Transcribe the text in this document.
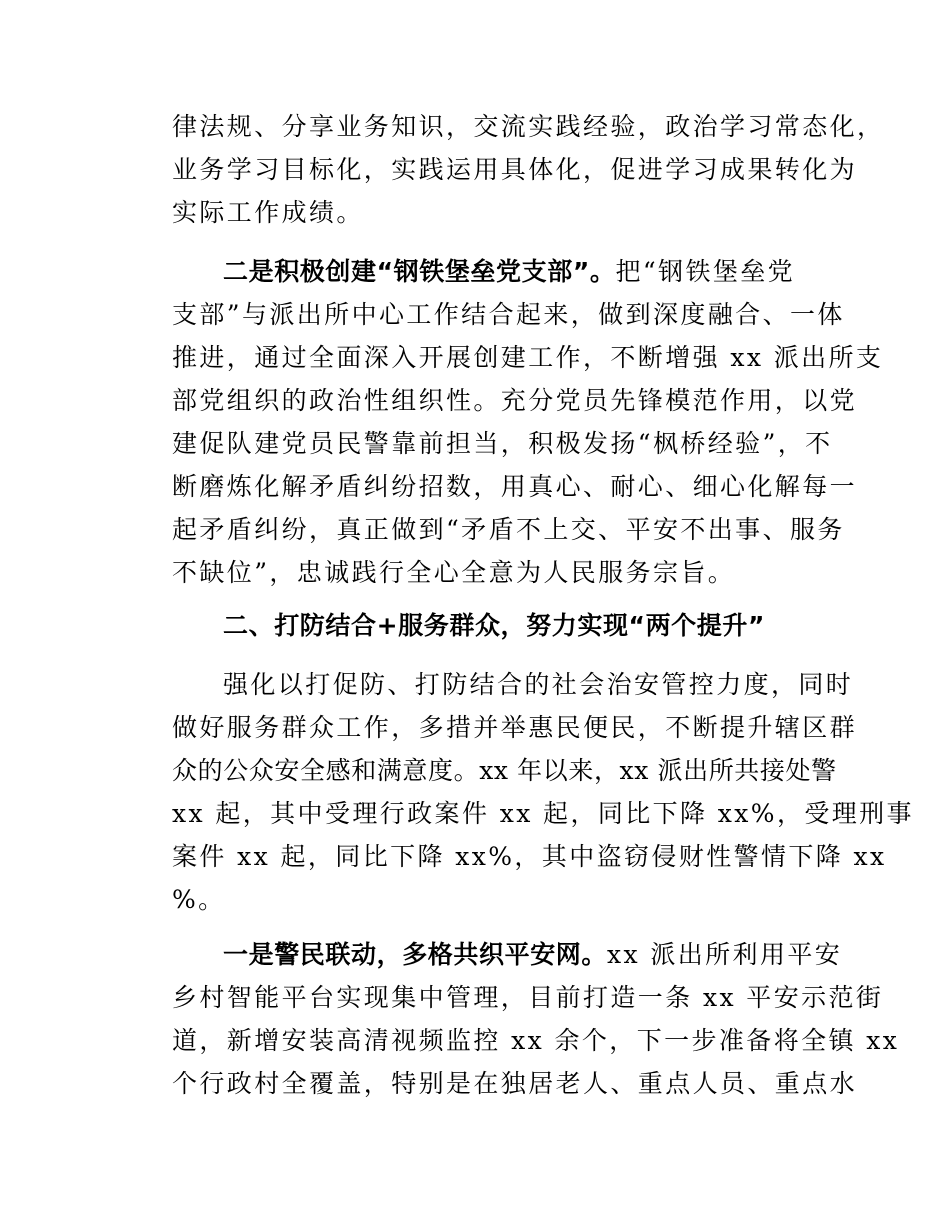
律法规、分享业务知识，交流实践经验，政治学习常态化，
业务学习目标化，实践运用具体化，促进学习成果转化为
实际工作成绩。
二是积极创建“钢铁堡垒党支部”。把“钢铁堡垒党
支部”与派出所中心工作结合起来，做到深度融合、一体
推进，通过全面深入开展创建工作，不断增强 xx 派出所支
部党组织的政治性组织性。充分党员先锋模范作用，以党
建促队建党员民警靠前担当，积极发扬“枫桥经验”，不
断磨炼化解矛盾纠纷招数，用真心、耐心、细心化解每一
起矛盾纠纷，真正做到“矛盾不上交、平安不出事、服务
不缺位”，忠诚践行全心全意为人民服务宗旨。
二、打防结合+服务群众，努力实现“两个提升”
强化以打促防、打防结合的社会治安管控力度，同时
做好服务群众工作，多措并举惠民便民，不断提升辖区群
众的公众安全感和满意度。xx 年以来，xx 派出所共接处警
xx 起，其中受理行政案件 xx 起，同比下降 xx%，受理刑事
案件 xx 起，同比下降 xx%，其中盗窃侵财性警情下降 xx
%。
一是警民联动，多格共织平安网。xx 派出所利用平安
乡村智能平台实现集中管理，目前打造一条 xx 平安示范街
道，新增安装高清视频监控 xx 余个，下一步准备将全镇 xx
个行政村全覆盖，特别是在独居老人、重点人员、重点水
